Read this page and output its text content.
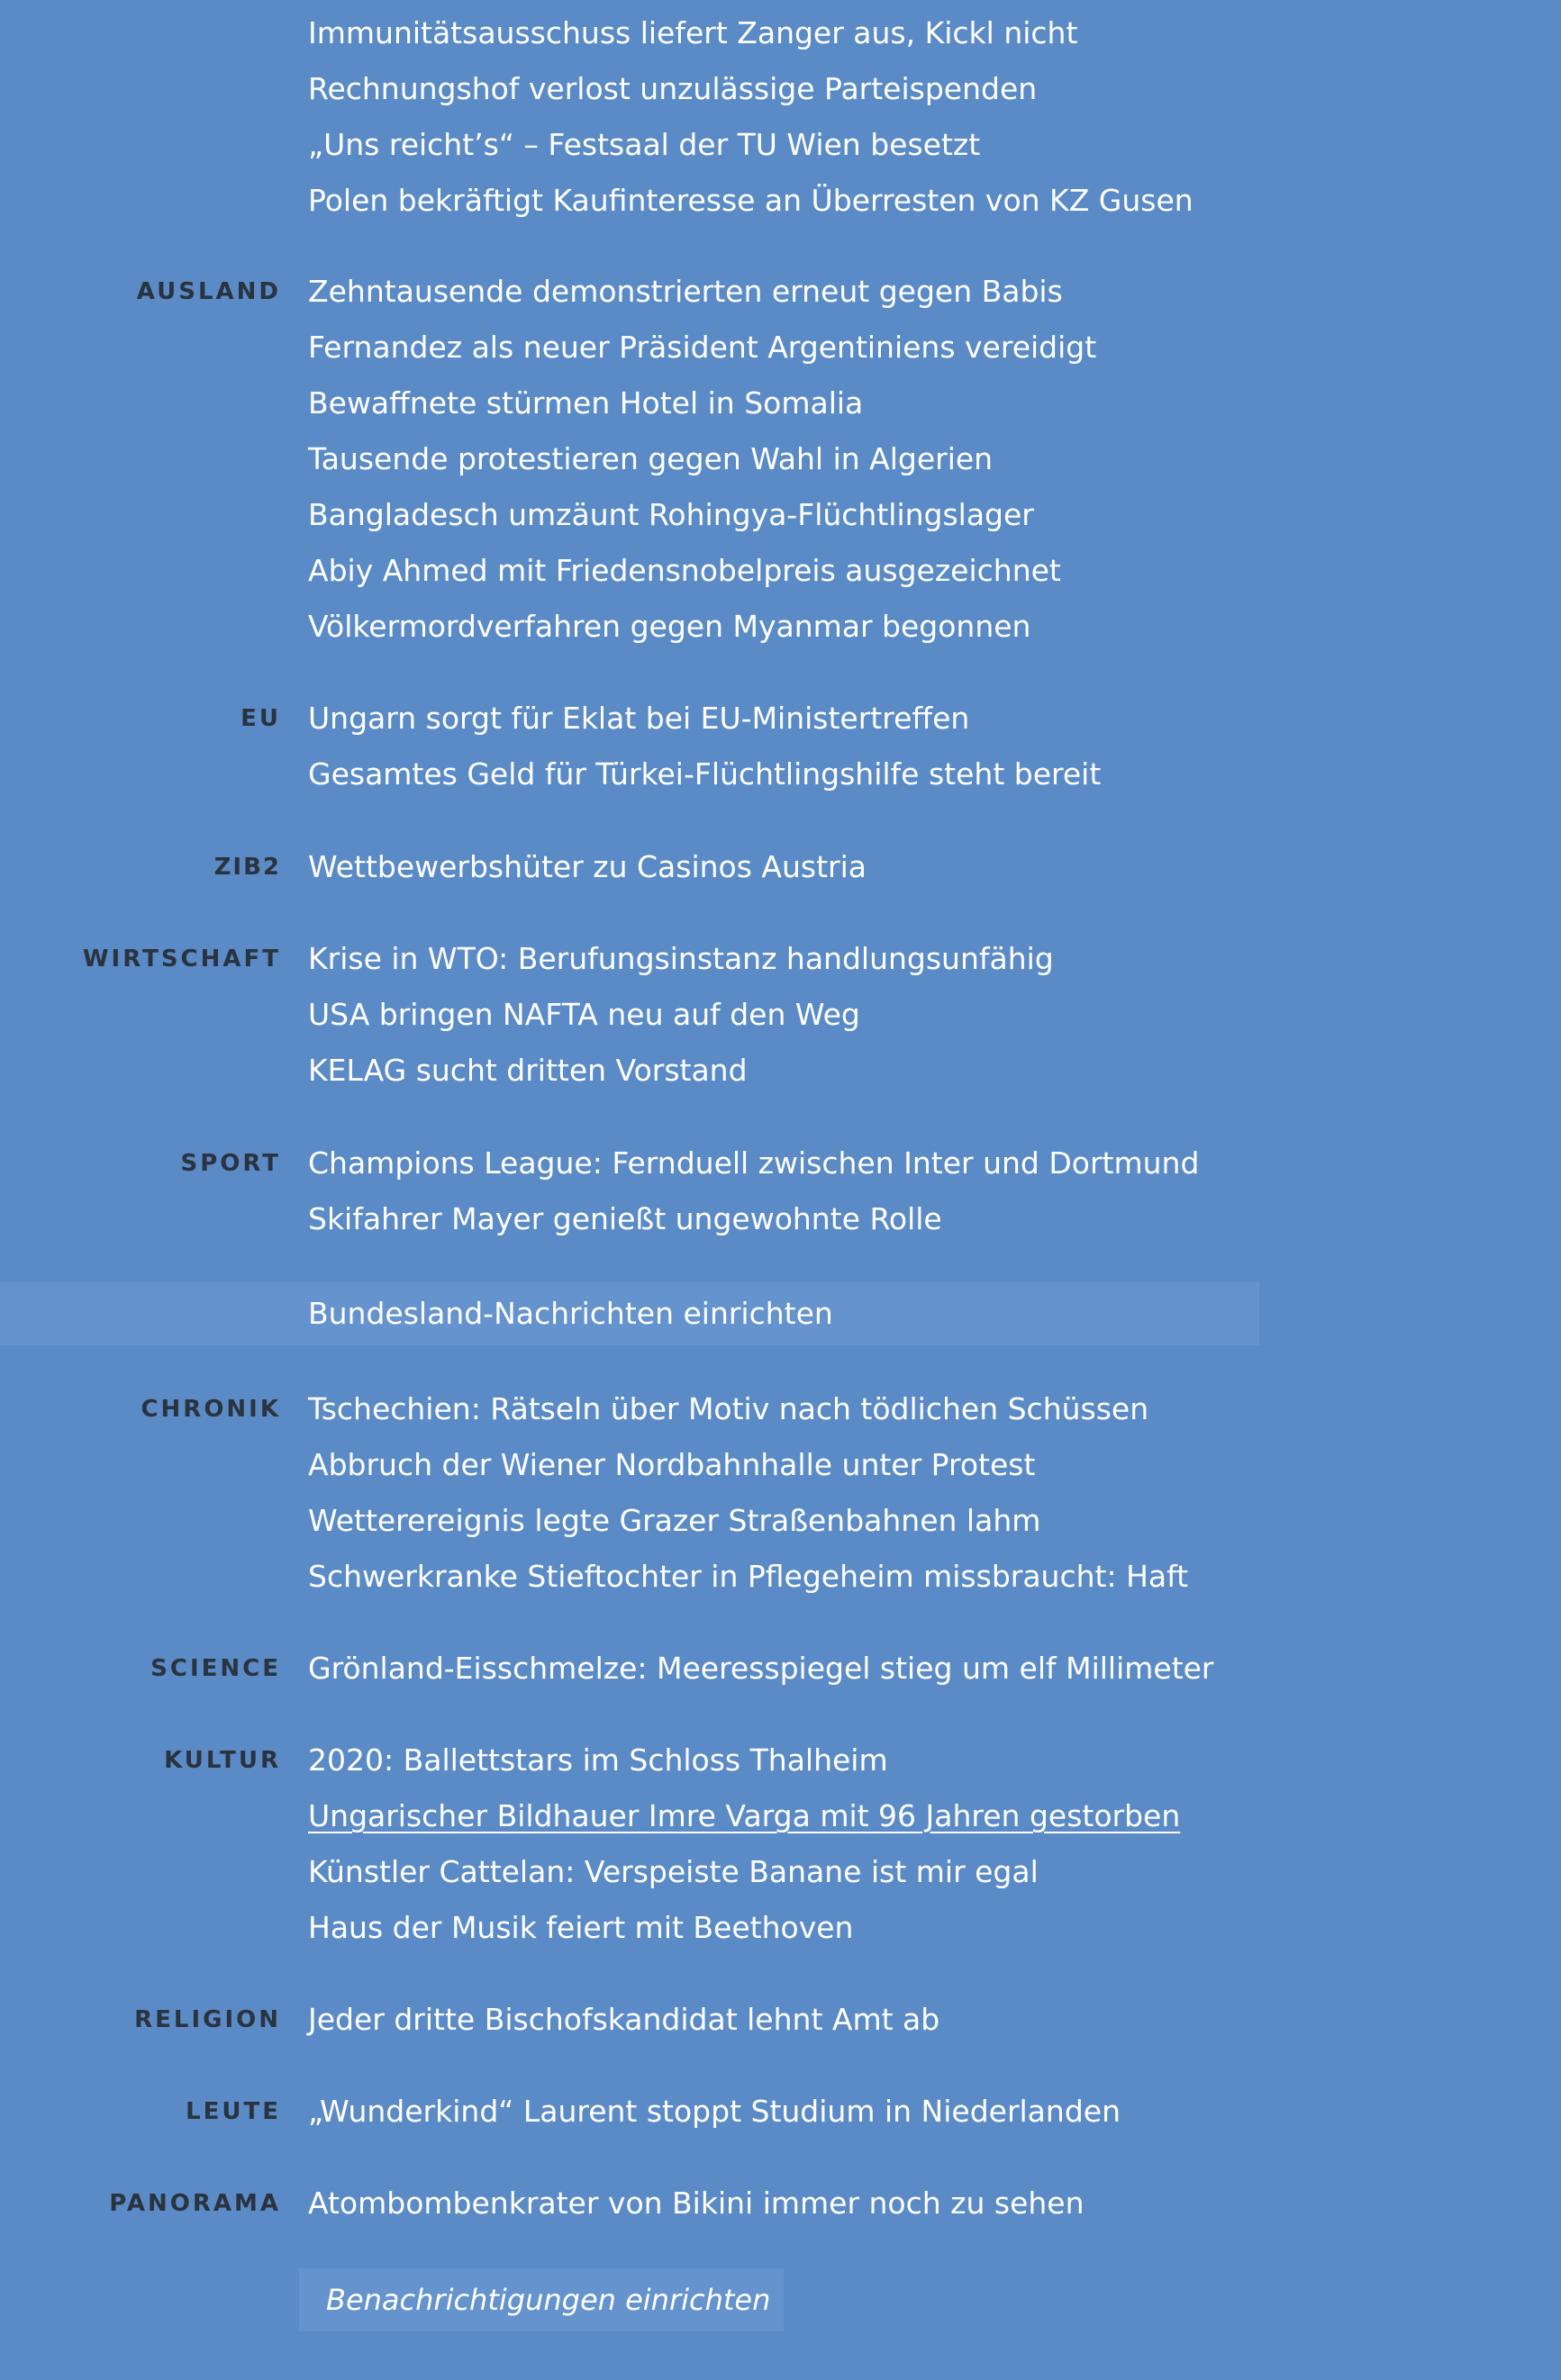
Immunitätsausschuss liefert Zanger aus, Kickl nicht
Rechnungshof verlost unzulässige Parteispenden
„Uns reicht’s“ – Festsaal der TU Wien besetzt
Polen bekräftigt Kaufinteresse an Überresten von KZ Gusen
AUSLAND Zehntausende demonstrierten erneut gegen Babis
Fernandez als neuer Präsident Argentiniens vereidigt
Bewaffnete stürmen Hotel in Somalia
Tausende protestieren gegen Wahl in Algerien
Bangladesch umzäunt Rohingya-Flüchtlingslager
Abiy Ahmed mit Friedensnobelpreis ausgezeichnet
Völkermordverfahren gegen Myanmar begonnen
EU Ungarn sorgt für Eklat bei EU-Ministertreffen
Gesamtes Geld für Türkei-Flüchtlingshilfe steht bereit
ZIB2 Wettbewerbshüter zu Casinos Austria
WIRTSCHAFT Krise in WTO: Berufungsinstanz handlungsunfähig
USA bringen NAFTA neu auf den Weg
KELAG sucht dritten Vorstand
SPORT Champions League: Fernduell zwischen Inter und Dortmund
Skifahrer Mayer genießt ungewohnte Rolle
Bundesland-Nachrichten einrichten
CHRONIK Tschechien: Rätseln über Motiv nach tödlichen Schüssen
Abbruch der Wiener Nordbahnhalle unter Protest
Wetterereignis legte Grazer Straßenbahnen lahm
Schwerkranke Stieftochter in Pflegeheim missbraucht: Haft
SCIENCE Grönland-Eisschmelze: Meeresspiegel stieg um elf Millimeter
KULTUR 2020: Ballettstars im Schloss Thalheim
Ungarischer Bildhauer Imre Varga mit 96 Jahren gestorben
Künstler Cattelan: Verspeiste Banane ist mir egal
Haus der Musik feiert mit Beethoven
RELIGION Jeder dritte Bischofskandidat lehnt Amt ab
LEUTE „Wunderkind“ Laurent stoppt Studium in Niederlanden
PANORAMA Atombombenkrater von Bikini immer noch zu sehen
Benachrichtigungen einrichten
